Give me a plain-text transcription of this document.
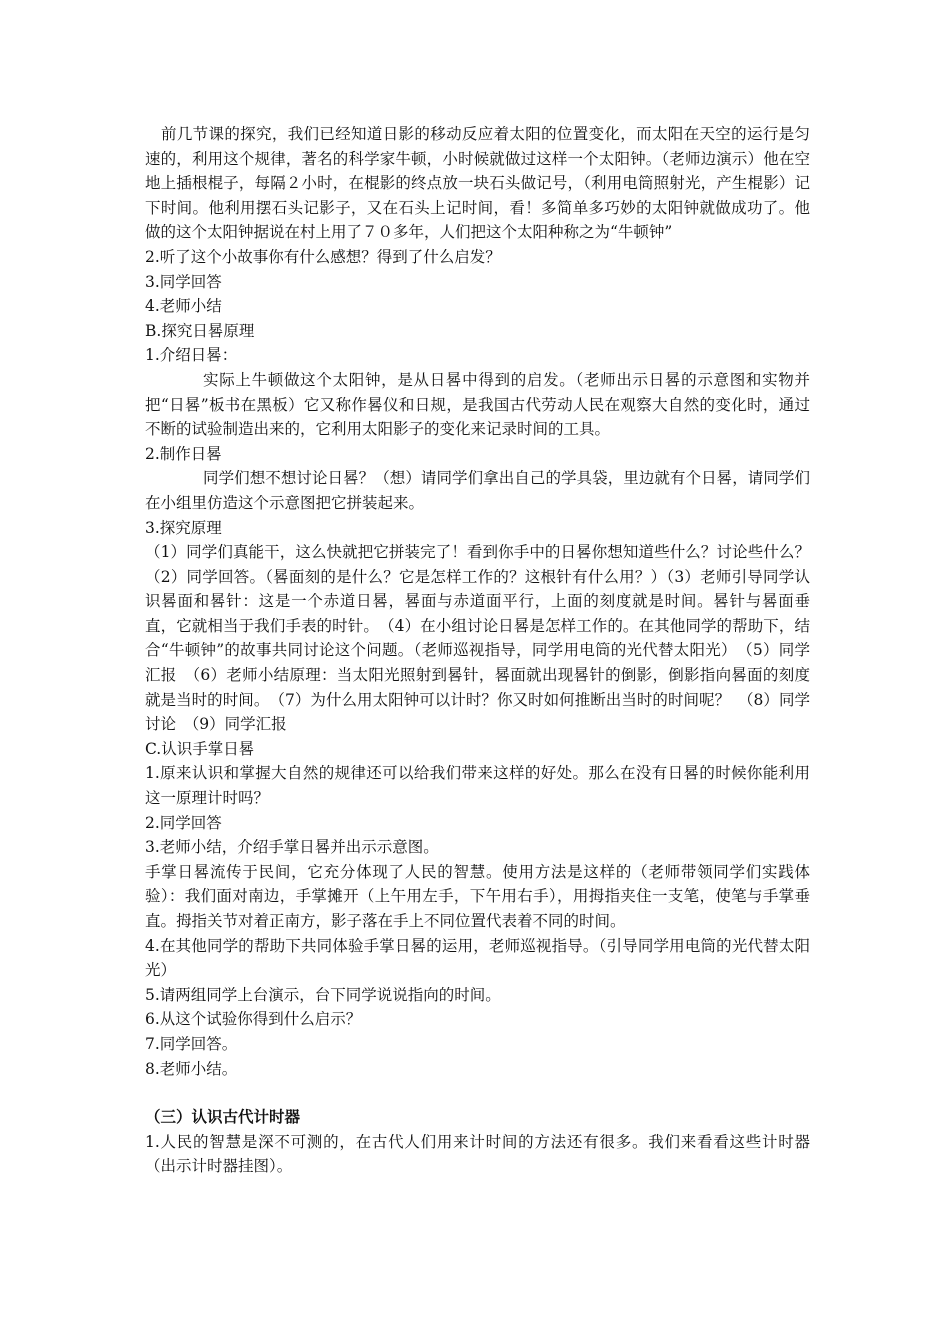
前几节课的探究，我们已经知道日影的移动反应着太阳的位置变化，而太阳在天空的运行是匀速的，利用这个规律，著名的科学家牛顿，小时候就做过这样一个太阳钟。（老师边演示）他在空地上插根棍子，每隔２小时，在棍影的终点放一块石头做记号，（利用电筒照射光，产生棍影）记下时间。他利用摆石头记影子，又在石头上记时间，看！多简单多巧妙的太阳钟就做成功了。他做的这个太阳钟据说在村上用了７０多年，人们把这个太阳种称之为“牛顿钟”

2.听了这个小故事你有什么感想？得到了什么启发？

3.同学回答

4.老师小结

B.探究日晷原理

1.介绍日晷：

实际上牛顿做这个太阳钟，是从日晷中得到的启发。（老师出示日晷的示意图和实物并把“日晷”板书在黑板）它又称作晷仪和日规，是我国古代劳动人民在观察大自然的变化时，通过不断的试验制造出来的，它利用太阳影子的变化来记录时间的工具。

2.制作日晷

同学们想不想讨论日晷？（想）请同学们拿出自己的学具袋，里边就有个日晷，请同学们在小组里仿造这个示意图把它拼装起来。

3.探究原理

（1）同学们真能干，这么快就把它拼装完了！看到你手中的日晷你想知道些什么？讨论些什么？　（2）同学回答。（晷面刻的是什么？它是怎样工作的？这根针有什么用？）（3）老师引导同学认识晷面和晷针：这是一个赤道日晷，晷面与赤道面平行，上面的刻度就是时间。晷针与晷面垂直，它就相当于我们手表的时针。　（4）在小组讨论日晷是怎样工作的。在其他同学的帮助下，结合“牛顿钟”的故事共同讨论这个问题。（老师巡视指导，同学用电筒的光代替太阳光）　（5）同学汇报　（6）老师小结原理：当太阳光照射到晷针，晷面就出现晷针的倒影，倒影指向晷面的刻度就是当时的时间。　（7）为什么用太阳钟可以计时？你又时如何推断出当时的时间呢？　（8）同学讨论　（9）同学汇报

C.认识手掌日晷

1.原来认识和掌握大自然的规律还可以给我们带来这样的好处。那么在没有日晷的时候你能利用这一原理计时吗？

2.同学回答

3.老师小结，介绍手掌日晷并出示示意图。

手掌日晷流传于民间，它充分体现了人民的智慧。使用方法是这样的（老师带领同学们实践体验）：我们面对南边，手掌摊开（上午用左手，下午用右手），用拇指夹住一支笔，使笔与手掌垂直。拇指关节对着正南方，影子落在手上不同位置代表着不同的时间。

4.在其他同学的帮助下共同体验手掌日晷的运用，老师巡视指导。（引导同学用电筒的光代替太阳光）

5.请两组同学上台演示，台下同学说说指向的时间。

6.从这个试验你得到什么启示？

7.同学回答。

8.老师小结。

（三）认识古代计时器

1.人民的智慧是深不可测的，在古代人们用来计时间的方法还有很多。我们来看看这些计时器（出示计时器挂图）。
